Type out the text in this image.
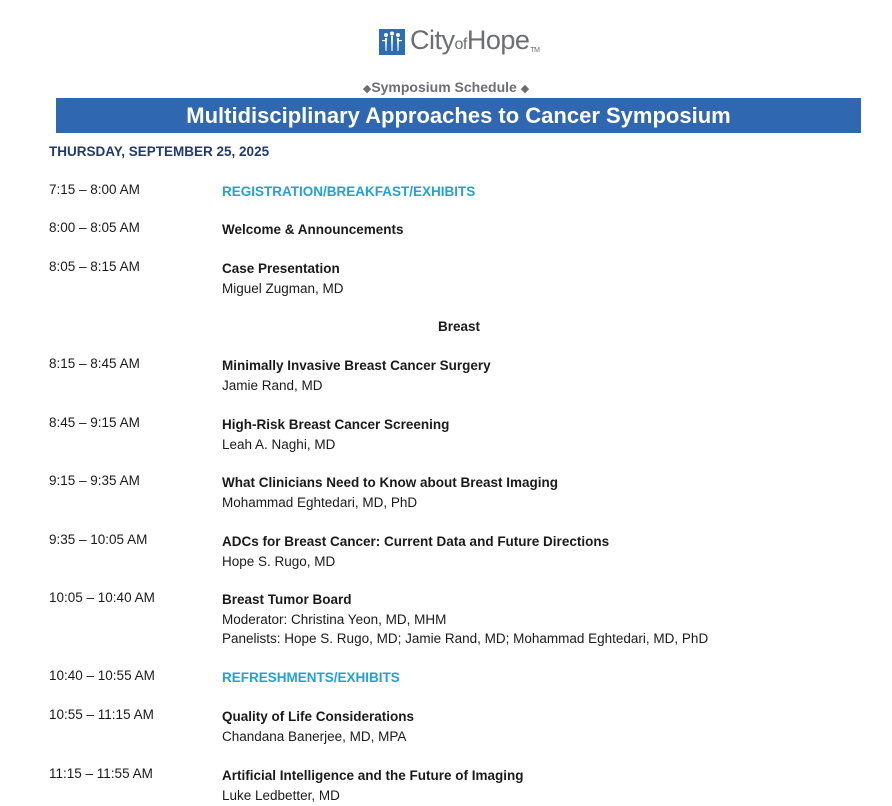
CityofHopeTM
◆Symposium Schedule ◆
Multidisciplinary Approaches to Cancer Symposium
THURSDAY, SEPTEMBER 25, 2025
7:15 – 8:00 AM	REGISTRATION/BREAKFAST/EXHIBITS
8:00 – 8:05 AM	Welcome & Announcements
8:05 – 8:15 AM	Case Presentation
Miguel Zugman, MD
Breast
8:15 – 8:45 AM	Minimally Invasive Breast Cancer Surgery
Jamie Rand, MD
8:45 – 9:15 AM	High-Risk Breast Cancer Screening
Leah A. Naghi, MD
9:15 – 9:35 AM	What Clinicians Need to Know about Breast Imaging
Mohammad Eghtedari, MD, PhD
9:35 – 10:05 AM	ADCs for Breast Cancer: Current Data and Future Directions
Hope S. Rugo, MD
10:05 – 10:40 AM	Breast Tumor Board
Moderator: Christina Yeon, MD, MHM
Panelists: Hope S. Rugo, MD; Jamie Rand, MD; Mohammad Eghtedari, MD, PhD
10:40 – 10:55 AM	REFRESHMENTS/EXHIBITS
10:55 – 11:15 AM	Quality of Life Considerations
Chandana Banerjee, MD, MPA
11:15 – 11:55 AM	Artificial Intelligence and the Future of Imaging
Luke Ledbetter, MD
